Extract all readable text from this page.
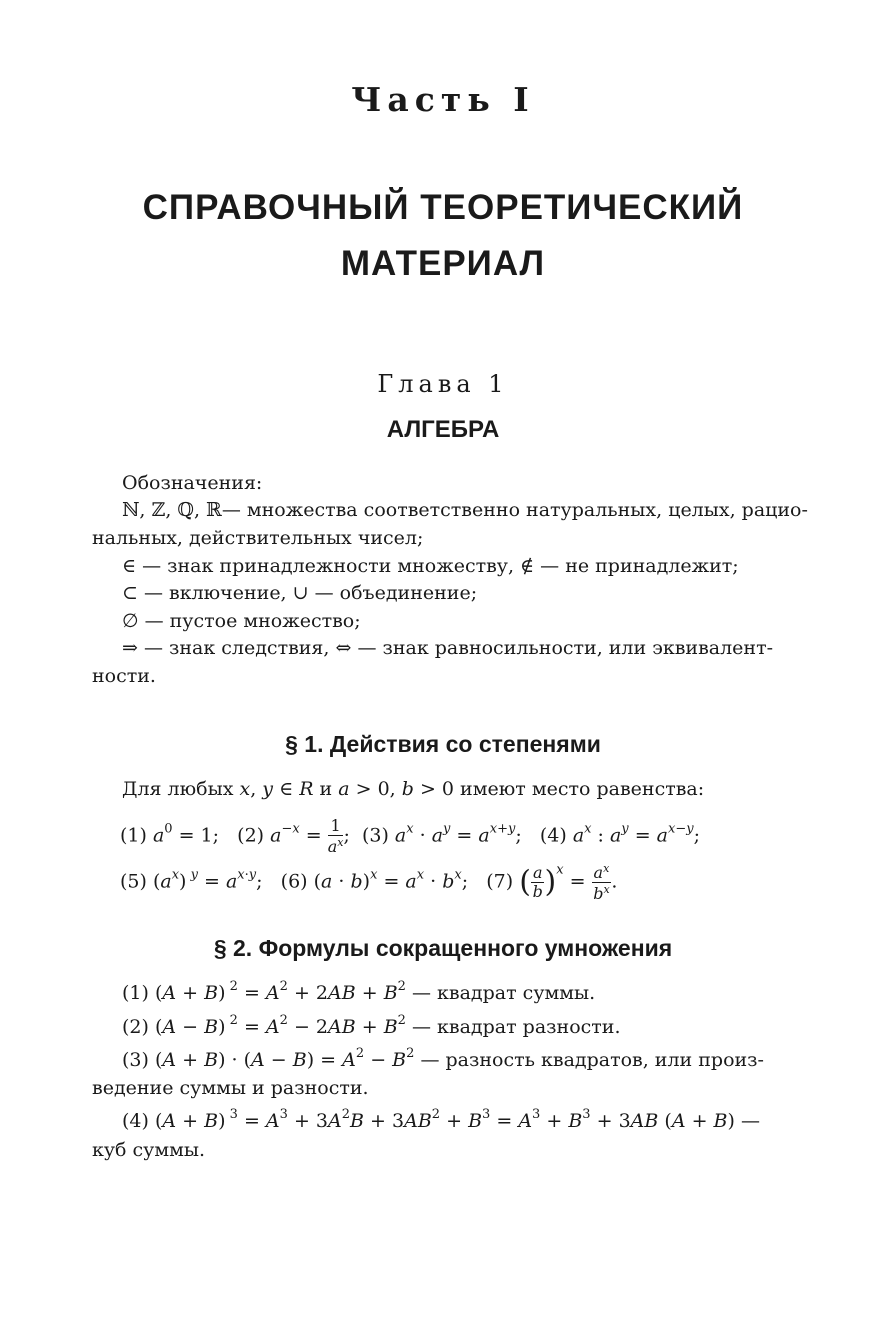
Часть I
СПРАВОЧНЫЙ ТЕОРЕТИЧЕСКИЙ
МАТЕРИАЛ
Глава 1
АЛГЕБРА
Обозначения:
ℕ, ℤ, ℚ, ℝ— множества соответственно натуральных, целых, рацио-
нальных, действительных чисел;
∈ — знак принадлежности множеству, ∉ — не принадлежит;
⊂ — включение, ∪ — объединение;
∅ — пустое множество;
⇒ — знак следствия, ⇔ — знак равносильности, или эквивалент-
ности.
§ 1. Действия со степенями
Для любых x, y ∈ R и a > 0, b > 0 имеют место равенства:
(1) $a^0 = 1$;   (2) $a^{-x} = \frac{1}{a^x}$ ;  (3) $a^x \cdot a^y = a^{x+y}$;   (4) $a^x$ : $a^y = a^{x-y}$;
(5) $(a^x) ^y = a^{x\cdot y}$;   (6) $(a \cdot b)^x = a^x \cdot b^x$;   (7) ( $\frac{a}{b} )^x = \frac{a^x}{b^x}$ .
§ 2. Формулы сокращенного умножения
(1) (A + B) $^2 = A^2 + 2AB + B^2$ — квадрат суммы.
(2) (A − B) $^2 = A^2 - 2AB + B^2$ — квадрат разности.
(3) $(A + B) \cdot (A - B) = A^2 - B^2$ — разность квадратов, или произ-
ведение суммы и разности.
(4) (A + B) $^3 = A^3 + 3A^2B + 3AB^2 + B^3 = A^3 + B^3 + 3AB$ (A + B) —
куб суммы.
